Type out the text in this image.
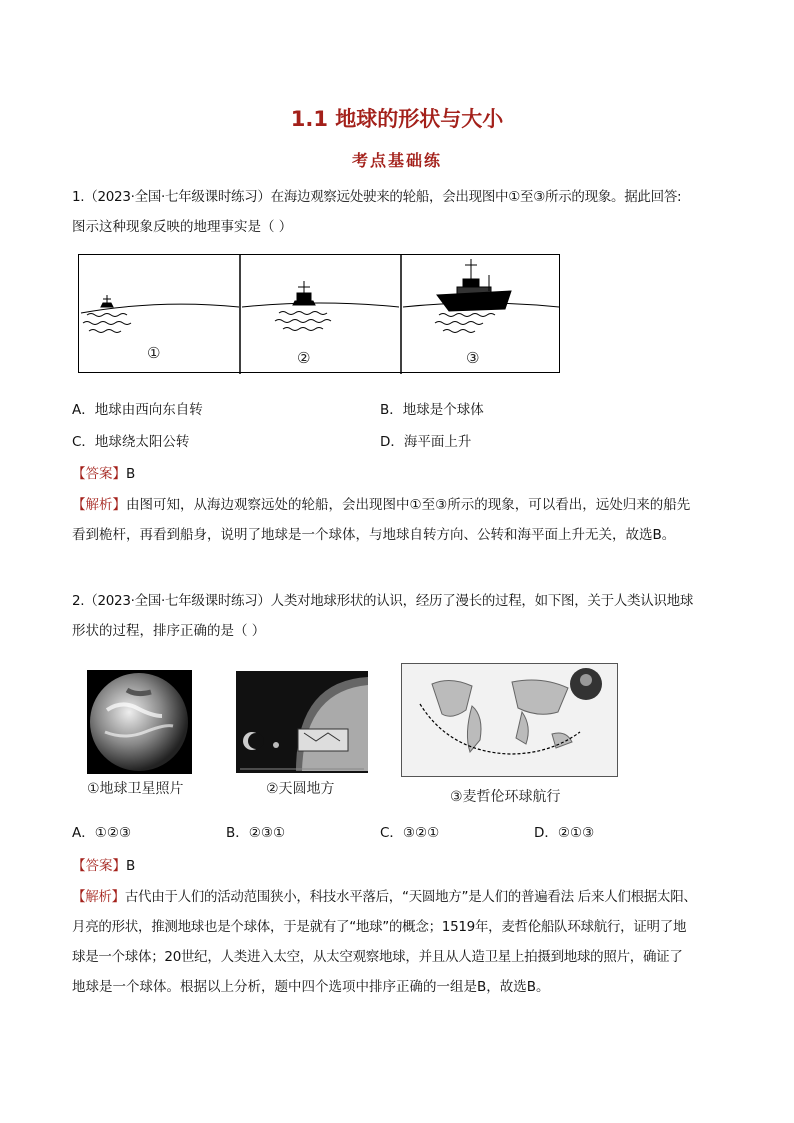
1.1 地球的形状与大小
考点基础练
1.（2023·全国·七年级课时练习）在海边观察远处驶来的轮船，会出现图中①至③所示的现象。据此回答:
图示这种现象反映的地理事实是（ ）
①	②	③
A．地球由西向东自转	B．地球是个球体
C．地球绕太阳公转	D．海平面上升
【答案】B
【解析】由图可知，从海边观察远处的轮船，会出现图中①至③所示的现象，可以看出，远处归来的船先
看到桅杆，再看到船身，说明了地球是一个球体，与地球自转方向、公转和海平面上升无关，故选B。
2.（2023·全国·七年级课时练习）人类对地球形状的认识，经历了漫长的过程，如下图，关于人类认识地球
形状的过程，排序正确的是（ ）
①地球卫星照片	②天圆地方	③麦哲伦环球航行
A．①②③	B．②③①	C．③②①	D．②①③
【答案】B
【解析】古代由于人们的活动范围狭小，科技水平落后，“天圆地方”是人们的普遍看法 后来人们根据太阳、
月亮的形状，推测地球也是个球体，于是就有了“地球”的概念；1519年，麦哲伦船队环球航行，证明了地
球是一个球体；20世纪，人类进入太空，从太空观察地球，并且从人造卫星上拍摄到地球的照片，确证了
地球是一个球体。根据以上分析，题中四个选项中排序正确的一组是B，故选B。
